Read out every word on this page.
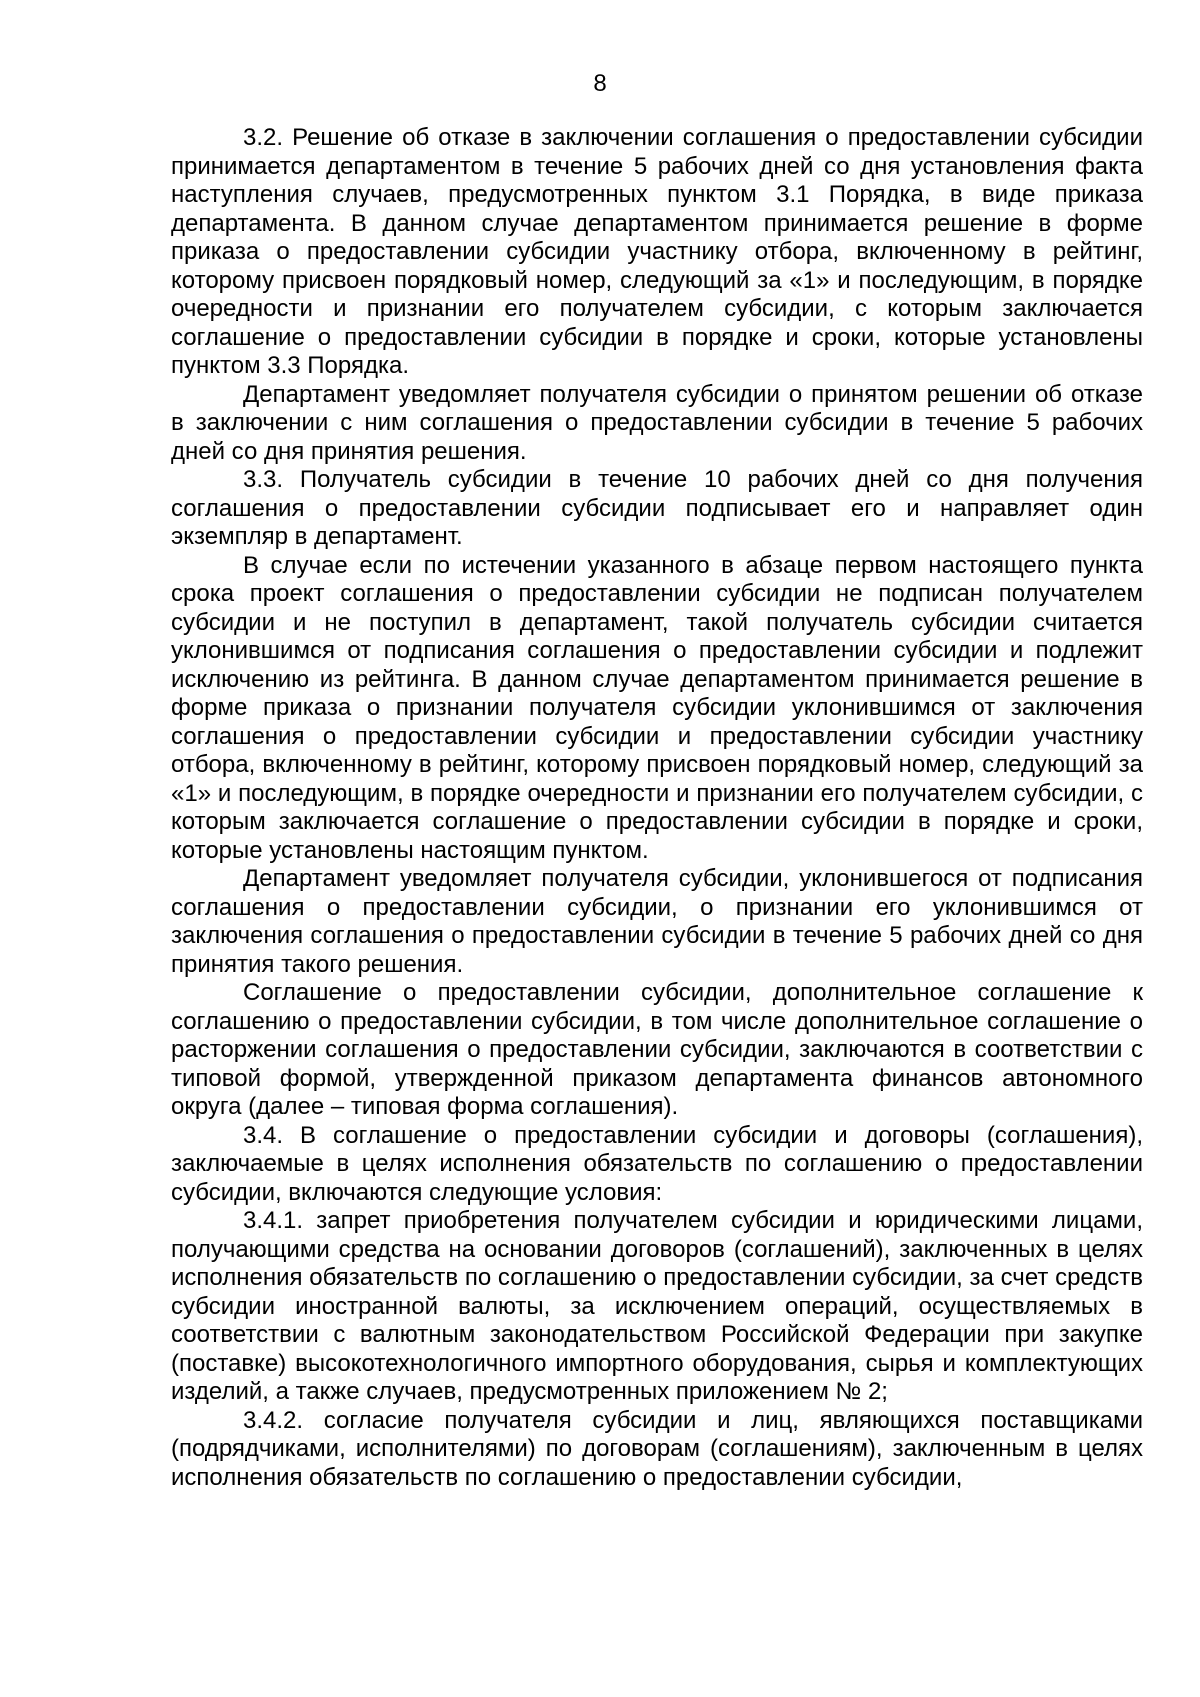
8

3.2. Решение об отказе в заключении соглашения о предоставлении субсидии принимается департаментом в течение 5 рабочих дней со дня установления факта наступления случаев, предусмотренных пунктом 3.1 Порядка, в виде приказа департамента. В данном случае департаментом принимается решение в форме приказа о предоставлении субсидии участнику отбора, включенному в рейтинг, которому присвоен порядковый номер, следующий за «1» и последующим, в порядке очередности и признании его получателем субсидии, с которым заключается соглашение о предоставлении субсидии в порядке и сроки, которые установлены пунктом 3.3 Порядка.

Департамент уведомляет получателя субсидии о принятом решении об отказе в заключении с ним соглашения о предоставлении субсидии в течение 5 рабочих дней со дня принятия решения.

3.3. Получатель субсидии в течение 10 рабочих дней со дня получения соглашения о предоставлении субсидии подписывает его и направляет один экземпляр в департамент.

В случае если по истечении указанного в абзаце первом настоящего пункта срока проект соглашения о предоставлении субсидии не подписан получателем субсидии и не поступил в департамент, такой получатель субсидии считается уклонившимся от подписания соглашения о предоставлении субсидии и подлежит исключению из рейтинга. В данном случае департаментом принимается решение в форме приказа о признании получателя субсидии уклонившимся от заключения соглашения о предоставлении субсидии и предоставлении субсидии участнику отбора, включенному в рейтинг, которому присвоен порядковый номер, следующий за «1» и последующим, в порядке очередности и признании его получателем субсидии, с которым заключается соглашение о предоставлении субсидии в порядке и сроки, которые установлены настоящим пунктом.

Департамент уведомляет получателя субсидии, уклонившегося от подписания соглашения о предоставлении субсидии, о признании его уклонившимся от заключения соглашения о предоставлении субсидии в течение 5 рабочих дней со дня принятия такого решения.

Соглашение о предоставлении субсидии, дополнительное соглашение к соглашению о предоставлении субсидии, в том числе дополнительное соглашение о расторжении соглашения о предоставлении субсидии, заключаются в соответствии с типовой формой, утвержденной приказом департамента финансов автономного округа (далее – типовая форма соглашения).

3.4. В соглашение о предоставлении субсидии и договоры (соглашения), заключаемые в целях исполнения обязательств по соглашению о предоставлении субсидии, включаются следующие условия:

3.4.1. запрет приобретения получателем субсидии и юридическими лицами, получающими средства на основании договоров (соглашений), заключенных в целях исполнения обязательств по соглашению о предоставлении субсидии, за счет средств субсидии иностранной валюты, за исключением операций, осуществляемых в соответствии с валютным законодательством Российской Федерации при закупке (поставке) высокотехнологичного импортного оборудования, сырья и комплектующих изделий, а также случаев, предусмотренных приложением № 2;

3.4.2. согласие получателя субсидии и лиц, являющихся поставщиками (подрядчиками, исполнителями) по договорам (соглашениям), заключенным в целях исполнения обязательств по соглашению о предоставлении субсидии,
